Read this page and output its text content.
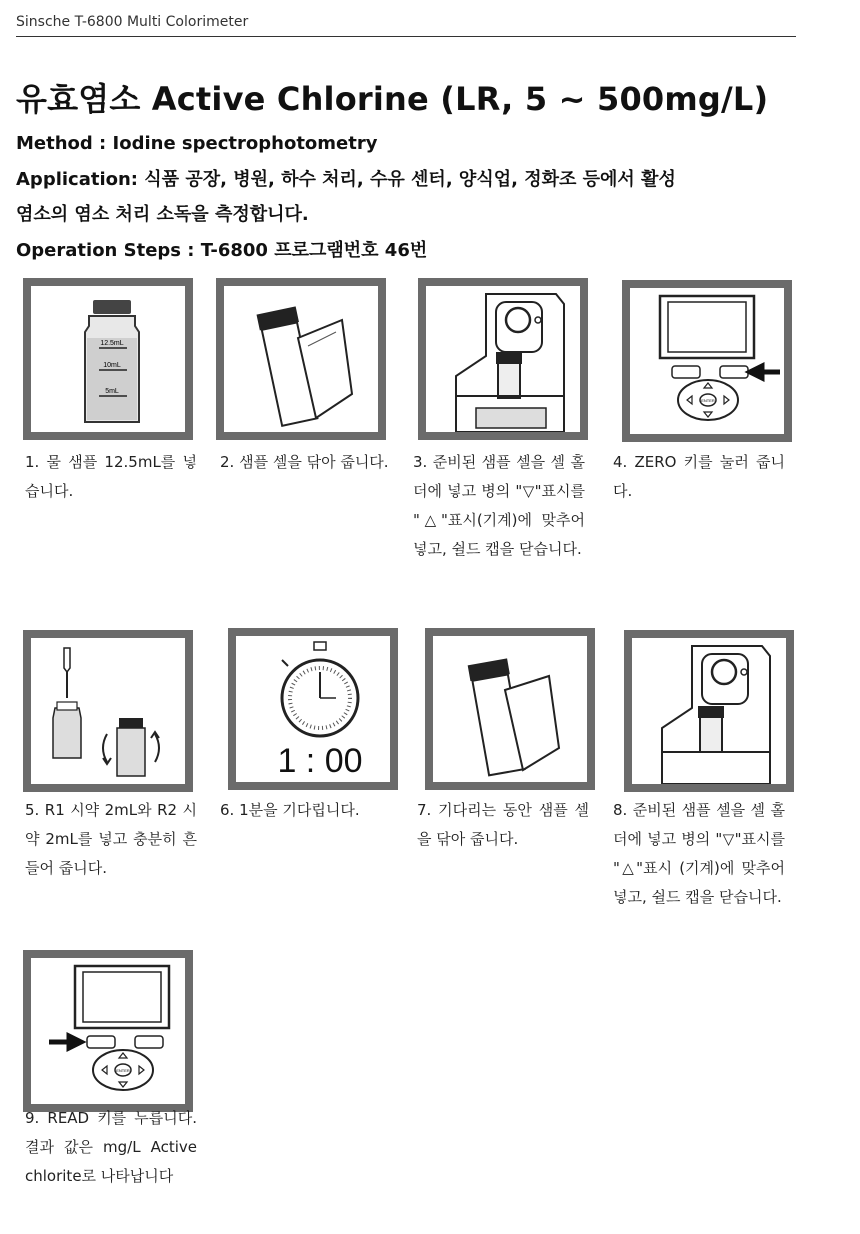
Sinsche T-6800 Multi Colorimeter
유효염소 Active Chlorine (LR, 5 ~ 500mg/L)
Method : Iodine spectrophotometry
Application: 식품 공장, 병원, 하수 처리, 수유 센터, 양식업, 정화조 등에서 활성
염소의 염소 처리 소독을 측정합니다.
Operation Steps : T-6800 프로그램번호 46번
12.5mL
10mL
5mL
1. 물 샘플 12.5mL를 넣습니다.
2. 샘플 셀을 닦아 줍니다. 3. 준비된 샘플 셀을 셀 홀더에 넣고 병의 "▽"표시를 "△"표시(기계)에 맞추어 넣고, 쉴드 캡을 닫습니다.
ENTER
4. ZERO 키를 눌러 줍니다.
5. R1 시약 2mL와 R2 시약 2mL를 넣고 충분히 흔들어 줍니다.
1 : 00
6. 1분을 기다립니다.	7. 기다리는 동안 샘플 셀을 닦아 줍니다.
8. 준비된 샘플 셀을 셀 홀더에 넣고 병의 "▽"표시를 "△"표시 (기계)에 맞추어 넣고, 쉴드 캡을 닫습니다.
ENTER
9. READ 키를 누릅니다. 결과 값은 mg/L Active chlorite로 나타납니다
